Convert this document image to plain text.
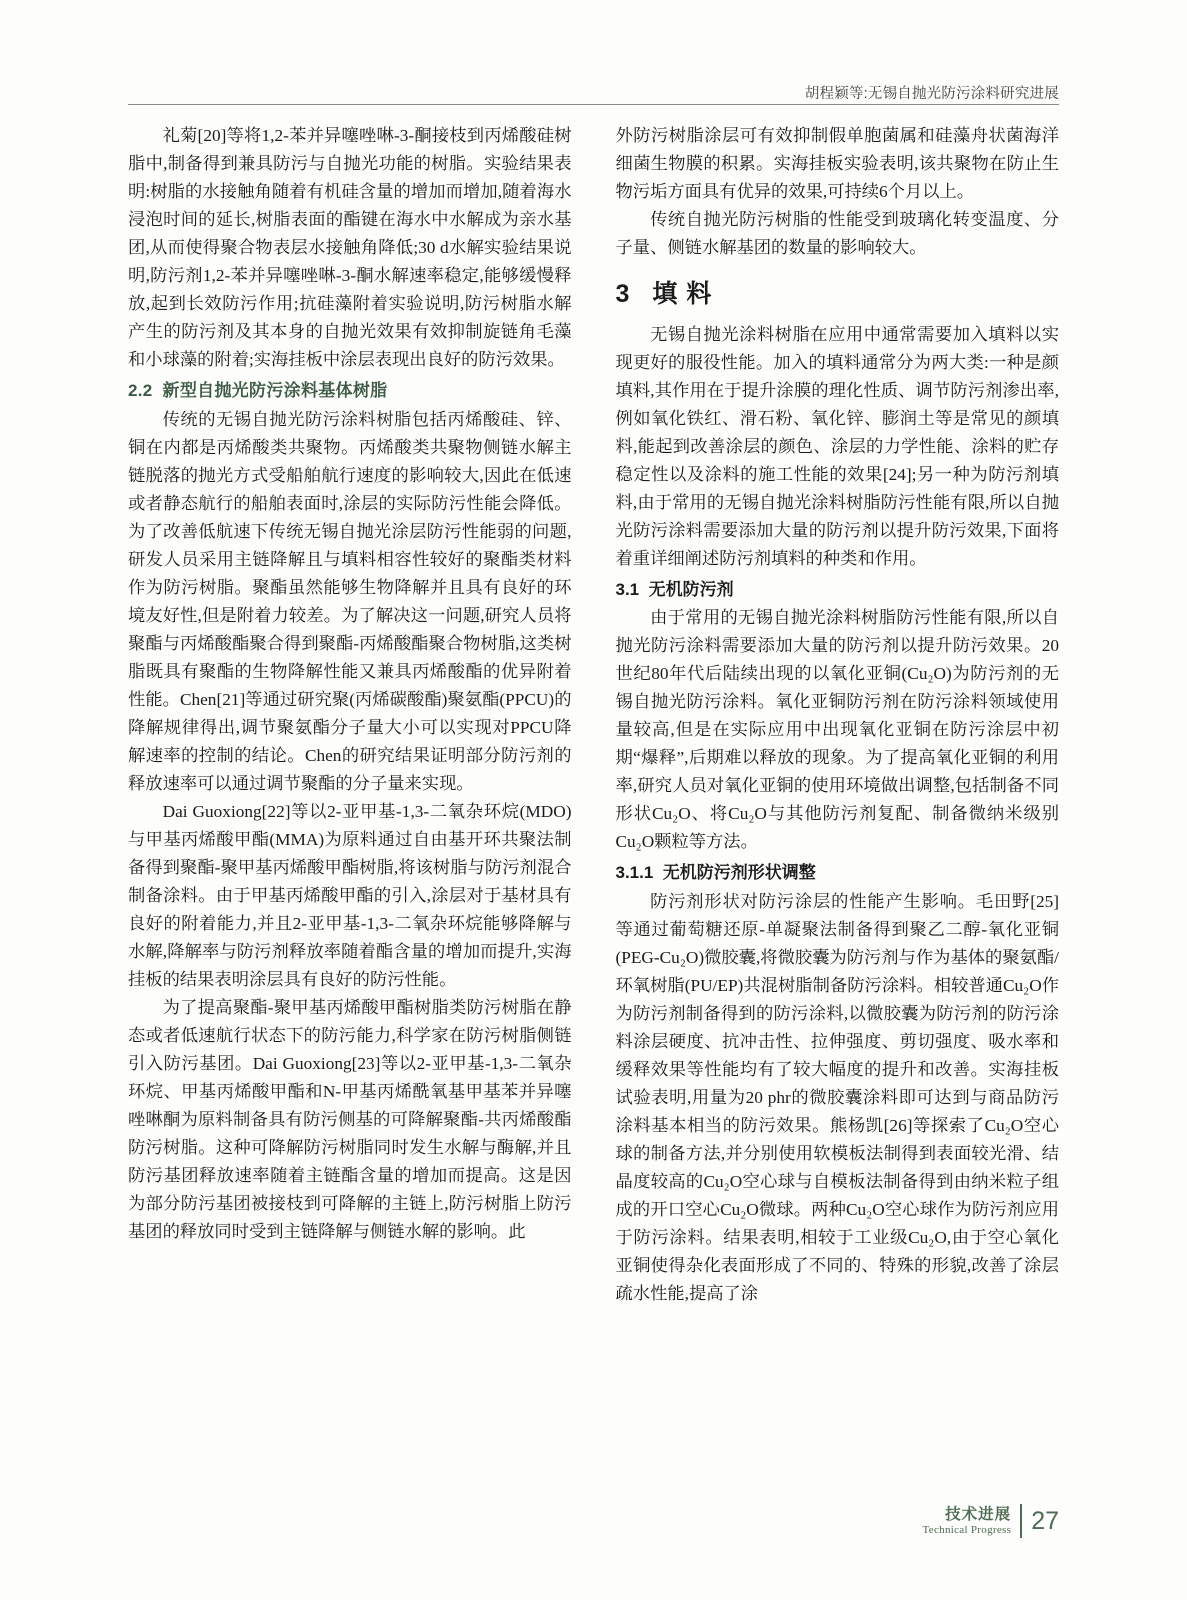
胡程颖等:无锡自抛光防污涂料研究进展

礼菊[20]等将1,2-苯并异噻唑啉-3-酮接枝到丙烯酸硅树脂中,制备得到兼具防污与自抛光功能的树脂。实验结果表明:树脂的水接触角随着有机硅含量的增加而增加,随着海水浸泡时间的延长,树脂表面的酯键在海水中水解成为亲水基团,从而使得聚合物表层水接触角降低;30 d水解实验结果说明,防污剂1,2-苯并异噻唑啉-3-酮水解速率稳定,能够缓慢释放,起到长效防污作用;抗硅藻附着实验说明,防污树脂水解产生的防污剂及其本身的自抛光效果有效抑制旋链角毛藻和小球藻的附着;实海挂板中涂层表现出良好的防污效果。

2.2 新型自抛光防污涂料基体树脂

传统的无锡自抛光防污涂料树脂包括丙烯酸硅、锌、铜在内都是丙烯酸类共聚物。丙烯酸类共聚物侧链水解主链脱落的抛光方式受船舶航行速度的影响较大,因此在低速或者静态航行的船舶表面时,涂层的实际防污性能会降低。为了改善低航速下传统无锡自抛光涂层防污性能弱的问题,研发人员采用主链降解且与填料相容性较好的聚酯类材料作为防污树脂。聚酯虽然能够生物降解并且具有良好的环境友好性,但是附着力较差。为了解决这一问题,研究人员将聚酯与丙烯酸酯聚合得到聚酯-丙烯酸酯聚合物树脂,这类树脂既具有聚酯的生物降解性能又兼具丙烯酸酯的优异附着性能。Chen[21]等通过研究聚(丙烯碳酸酯)聚氨酯(PPCU)的降解规律得出,调节聚氨酯分子量大小可以实现对PPCU降解速率的控制的结论。Chen的研究结果证明部分防污剂的释放速率可以通过调节聚酯的分子量来实现。

Dai Guoxiong[22]等以2-亚甲基-1,3-二氧杂环烷(MDO)与甲基丙烯酸甲酯(MMA)为原料通过自由基开环共聚法制备得到聚酯-聚甲基丙烯酸甲酯树脂,将该树脂与防污剂混合制备涂料。由于甲基丙烯酸甲酯的引入,涂层对于基材具有良好的附着能力,并且2-亚甲基-1,3-二氧杂环烷能够降解与水解,降解率与防污剂释放率随着酯含量的增加而提升,实海挂板的结果表明涂层具有良好的防污性能。

为了提高聚酯-聚甲基丙烯酸甲酯树脂类防污树脂在静态或者低速航行状态下的防污能力,科学家在防污树脂侧链引入防污基团。Dai Guoxiong[23]等以2-亚甲基-1,3-二氧杂环烷、甲基丙烯酸甲酯和N-甲基丙烯酰氧基甲基苯并异噻唑啉酮为原料制备具有防污侧基的可降解聚酯-共丙烯酸酯防污树脂。这种可降解防污树脂同时发生水解与酶解,并且防污基团释放速率随着主链酯含量的增加而提高。这是因为部分防污基团被接枝到可降解的主链上,防污树脂上防污基团的释放同时受到主链降解与侧链水解的影响。此

外防污树脂涂层可有效抑制假单胞菌属和硅藻舟状菌海洋细菌生物膜的积累。实海挂板实验表明,该共聚物在防止生物污垢方面具有优异的效果,可持续6个月以上。

传统自抛光防污树脂的性能受到玻璃化转变温度、分子量、侧链水解基团的数量的影响较大。

3 填 料

无锡自抛光涂料树脂在应用中通常需要加入填料以实现更好的服役性能。加入的填料通常分为两大类:一种是颜填料,其作用在于提升涂膜的理化性质、调节防污剂渗出率,例如氧化铁红、滑石粉、氧化锌、膨润土等是常见的颜填料,能起到改善涂层的颜色、涂层的力学性能、涂料的贮存稳定性以及涂料的施工性能的效果[24];另一种为防污剂填料,由于常用的无锡自抛光涂料树脂防污性能有限,所以自抛光防污涂料需要添加大量的防污剂以提升防污效果,下面将着重详细阐述防污剂填料的种类和作用。

3.1 无机防污剂

由于常用的无锡自抛光涂料树脂防污性能有限,所以自抛光防污涂料需要添加大量的防污剂以提升防污效果。20世纪80年代后陆续出现的以氧化亚铜(Cu₂O)为防污剂的无锡自抛光防污涂料。氧化亚铜防污剂在防污涂料领域使用量较高,但是在实际应用中出现氧化亚铜在防污涂层中初期“爆释”,后期难以释放的现象。为了提高氧化亚铜的利用率,研究人员对氧化亚铜的使用环境做出调整,包括制备不同形状Cu₂O、将Cu₂O与其他防污剂复配、制备微纳米级别Cu₂O颗粒等方法。

3.1.1 无机防污剂形状调整

防污剂形状对防污涂层的性能产生影响。毛田野[25]等通过葡萄糖还原-单凝聚法制备得到聚乙二醇-氧化亚铜(PEG-Cu₂O)微胶囊,将微胶囊为防污剂与作为基体的聚氨酯/环氧树脂(PU/EP)共混树脂制备防污涂料。相较普通Cu₂O作为防污剂制备得到的防污涂料,以微胶囊为防污剂的防污涂料涂层硬度、抗冲击性、拉伸强度、剪切强度、吸水率和缓释效果等性能均有了较大幅度的提升和改善。实海挂板试验表明,用量为20 phr的微胶囊涂料即可达到与商品防污涂料基本相当的防污效果。熊杨凯[26]等探索了Cu₂O空心球的制备方法,并分别使用软模板法制得到表面较光滑、结晶度较高的Cu₂O空心球与自模板法制备得到由纳米粒子组成的开口空心Cu₂O微球。两种Cu₂O空心球作为防污剂应用于防污涂料。结果表明,相较于工业级Cu₂O,由于空心氧化亚铜使得杂化表面形成了不同的、特殊的形貌,改善了涂层疏水性能,提高了涂

技术进展
Technical Progress 27
